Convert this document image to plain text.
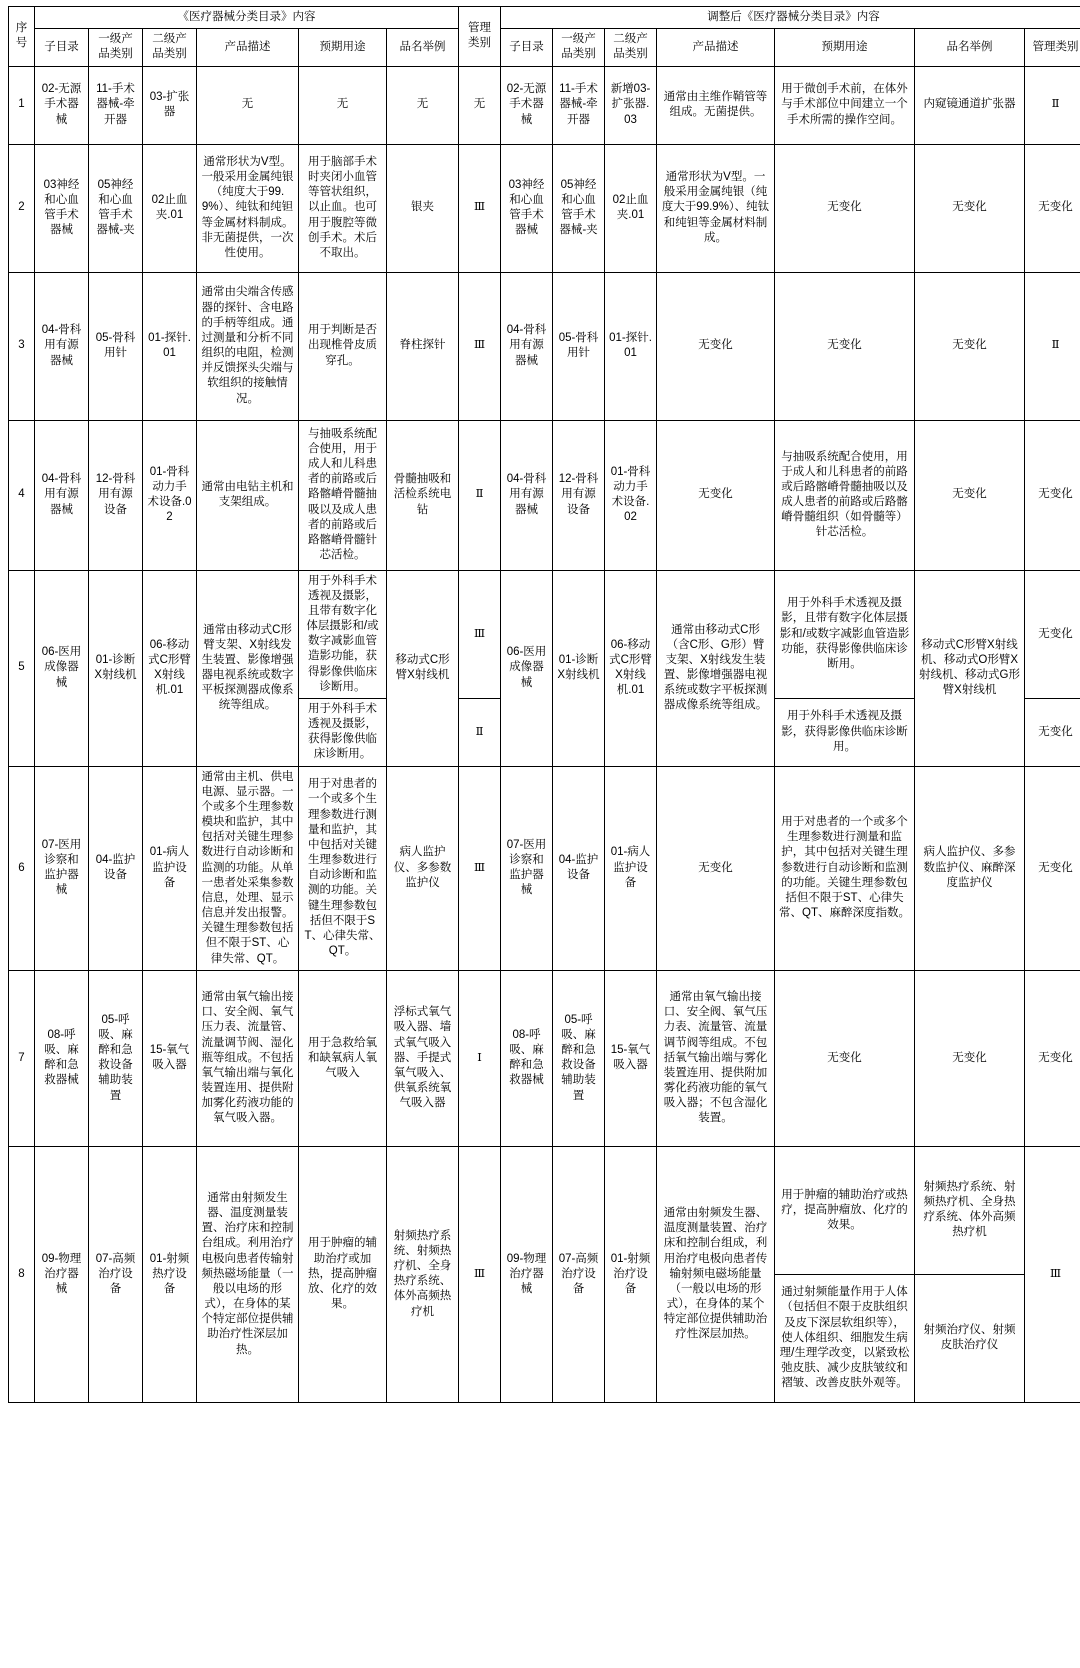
序号	《医疗器械分类目录》内容						管理类别	调整后《医疗器械分类目录》内容						
	子目录	一级产品类别	二级产品类别	产品描述	预期用途	品名举例		子目录	一级产品类别	二级产品类别	产品描述	预期用途	品名举例	管理类别
1	02-无源手术器械	11-手术器械-牵开器	03-扩张器	无	无	无	无	02-无源手术器械	11-手术器械-牵开器	新增03-扩张器.03	通常由主维作鞘管等组成。无菌提供。	用于微创手术前，在体外与手术部位中间建立一个手术所需的操作空间。	内窥镜通道扩张器	Ⅱ
2	03神经和心血管手术器械	05神经和心血管手术器械-夹	02止血夹.01	通常形状为V型。一般采用金属纯银（纯度大于99.9%）、纯钛和纯钽等金属材料制成。非无菌提供，一次性使用。	用于脑部手术时夹闭小血管等管状组织，以止血。也可用于腹腔等微创手术。术后不取出。	银夹	Ⅲ	03神经和心血管手术器械	05神经和心血管手术器械-夹	02止血夹.01	通常形状为V型。一般采用金属纯银（纯度大于99.9%）、纯钛和纯钽等金属材料制成。	无变化	无变化	无变化
3	04-骨科用有源器械	05-骨科用针	01-探针.01	通常由尖端含传感器的探针、含电路的手柄等组成。通过测量和分析不同组织的电阻，检测并反馈探头尖端与软组织的接触情况。	用于判断是否出现椎骨皮质穿孔。	脊柱探针	Ⅲ	04-骨科用有源器械	05-骨科用针	01-探针.01	无变化	无变化	无变化	Ⅱ
4	04-骨科用有源器械	12-骨科用有源设备	01-骨科动力手术设备.02	通常由电钻主机和支架组成。	与抽吸系统配合使用，用于成人和儿科患者的前路或后路髂嵴骨髓抽吸以及成人患者的前路或后路髂嵴骨髓针芯活检。	骨髓抽吸和活检系统电钻	Ⅱ	04-骨科用有源器械	12-骨科用有源设备	01-骨科动力手术设备.02	无变化	与抽吸系统配合使用，用于成人和儿科患者的前路或后路髂嵴骨髓抽吸以及成人患者的前路或后路髂嵴骨髓组织（如骨髓等）针芯活检。	无变化	无变化
5	06-医用成像器械	01-诊断X射线机	06-移动式C形臂X射线机.01	通常由移动式C形臂支架、X射线发生装置、影像增强器电视系统或数字平板探测器成像系统等组成。	用于外科手术透视及摄影，且带有数字化体层摄影和/或数字减影血管造影功能，获得影像供临床诊断用。	移动式C形臂X射线机	Ⅲ	06-医用成像器械	01-诊断X射线机	06-移动式C形臂X射线机.01	通常由移动式C形（含C形、G形）臂支架、X射线发生装置、影像增强器电视系统或数字平板探测器成像系统等组成。	用于外科手术透视及摄影，且带有数字化体层摄影和/或数字减影血管造影功能，获得影像供临床诊断用。	移动式C形臂X射线机、移动式O形臂X射线机、移动式G形臂X射线机	无变化
					用于外科手术透视及摄影，获得影像供临床诊断用。		Ⅱ					用于外科手术透视及摄影，获得影像供临床诊断用。		无变化
6	07-医用诊察和监护器械	04-监护设备	01-病人监护设备	通常由主机、供电电源、显示器。一个或多个生理参数模块和监护，其中包括对关键生理参数进行自动诊断和监测的功能。从单一患者处采集参数信息，处理、显示信息并发出报警。关键生理参数包括但不限于ST、心律失常、QT。	用于对患者的一个或多个生理参数进行测量和监护，其中包括对关键生理参数进行自动诊断和监测的功能。关键生理参数包括但不限于ST、心律失常、QT。	病人监护仪、多参数监护仪	Ⅲ	07-医用诊察和监护器械	04-监护设备	01-病人监护设备	无变化	用于对患者的一个或多个生理参数进行测量和监护，其中包括对关键生理参数进行自动诊断和监测的功能。关键生理参数包括但不限于ST、心律失常、QT、麻醉深度指数。	病人监护仪、多参数监护仪、麻醉深度监护仪	无变化
7	08-呼吸、麻醉和急救器械	05-呼吸、麻醉和急救设备辅助装置	15-氧气吸入器	通常由氧气输出接口、安全阀、氧气压力表、流量管、流量调节阀、湿化瓶等组成。不包括氧气输出端与氧化装置连用、提供附加雾化药液功能的氧气吸入器。	用于急救给氧和缺氧病人氧气吸入	浮标式氧气吸入器、墙式氧气吸入器、手提式氧气吸入、供氧系统氧气吸入器	Ⅰ	08-呼吸、麻醉和急救器械	05-呼吸、麻醉和急救设备辅助装置	15-氧气吸入器	通常由氧气输出接口、安全阀、氧气压力表、流量管、流量调节阀等组成。不包括氧气输出端与雾化装置连用、提供附加雾化药液功能的氧气吸入器；不包含湿化装置。	无变化	无变化	无变化
8	09-物理治疗器械	07-高频治疗设备	01-射频热疗设备	通常由射频发生器、温度测量装置、治疗床和控制台组成。利用治疗电极向患者传输射频热磁场能量（一般以电场的形式），在身体的某个特定部位提供辅助治疗性深层加热。	用于肿瘤的辅助治疗或加热，提高肿瘤放、化疗的效果。	射频热疗系统、射频热疗机、全身热疗系统、体外高频热疗机	Ⅲ	09-物理治疗器械	07-高频治疗设备	01-射频治疗设备	通常由射频发生器、温度测量装置、治疗床和控制台组成，利用治疗电极向患者传输射频电磁场能量（一般以电场的形式），在身体的某个特定部位提供辅助治疗性深层加热。	用于肿瘤的辅助治疗或热疗，提高肿瘤放、化疗的效果。	射频热疗系统、射频热疗机、全身热疗系统、体外高频热疗机	Ⅲ
												通过射频能量作用于人体（包括但不限于皮肤组织及皮下深层软组织等），使人体组织、细胞发生病理/生理学改变，以紧致松弛皮肤、减少皮肤皱纹和褶皱、改善皮肤外观等。	射频治疗仪、射频皮肤治疗仪	
